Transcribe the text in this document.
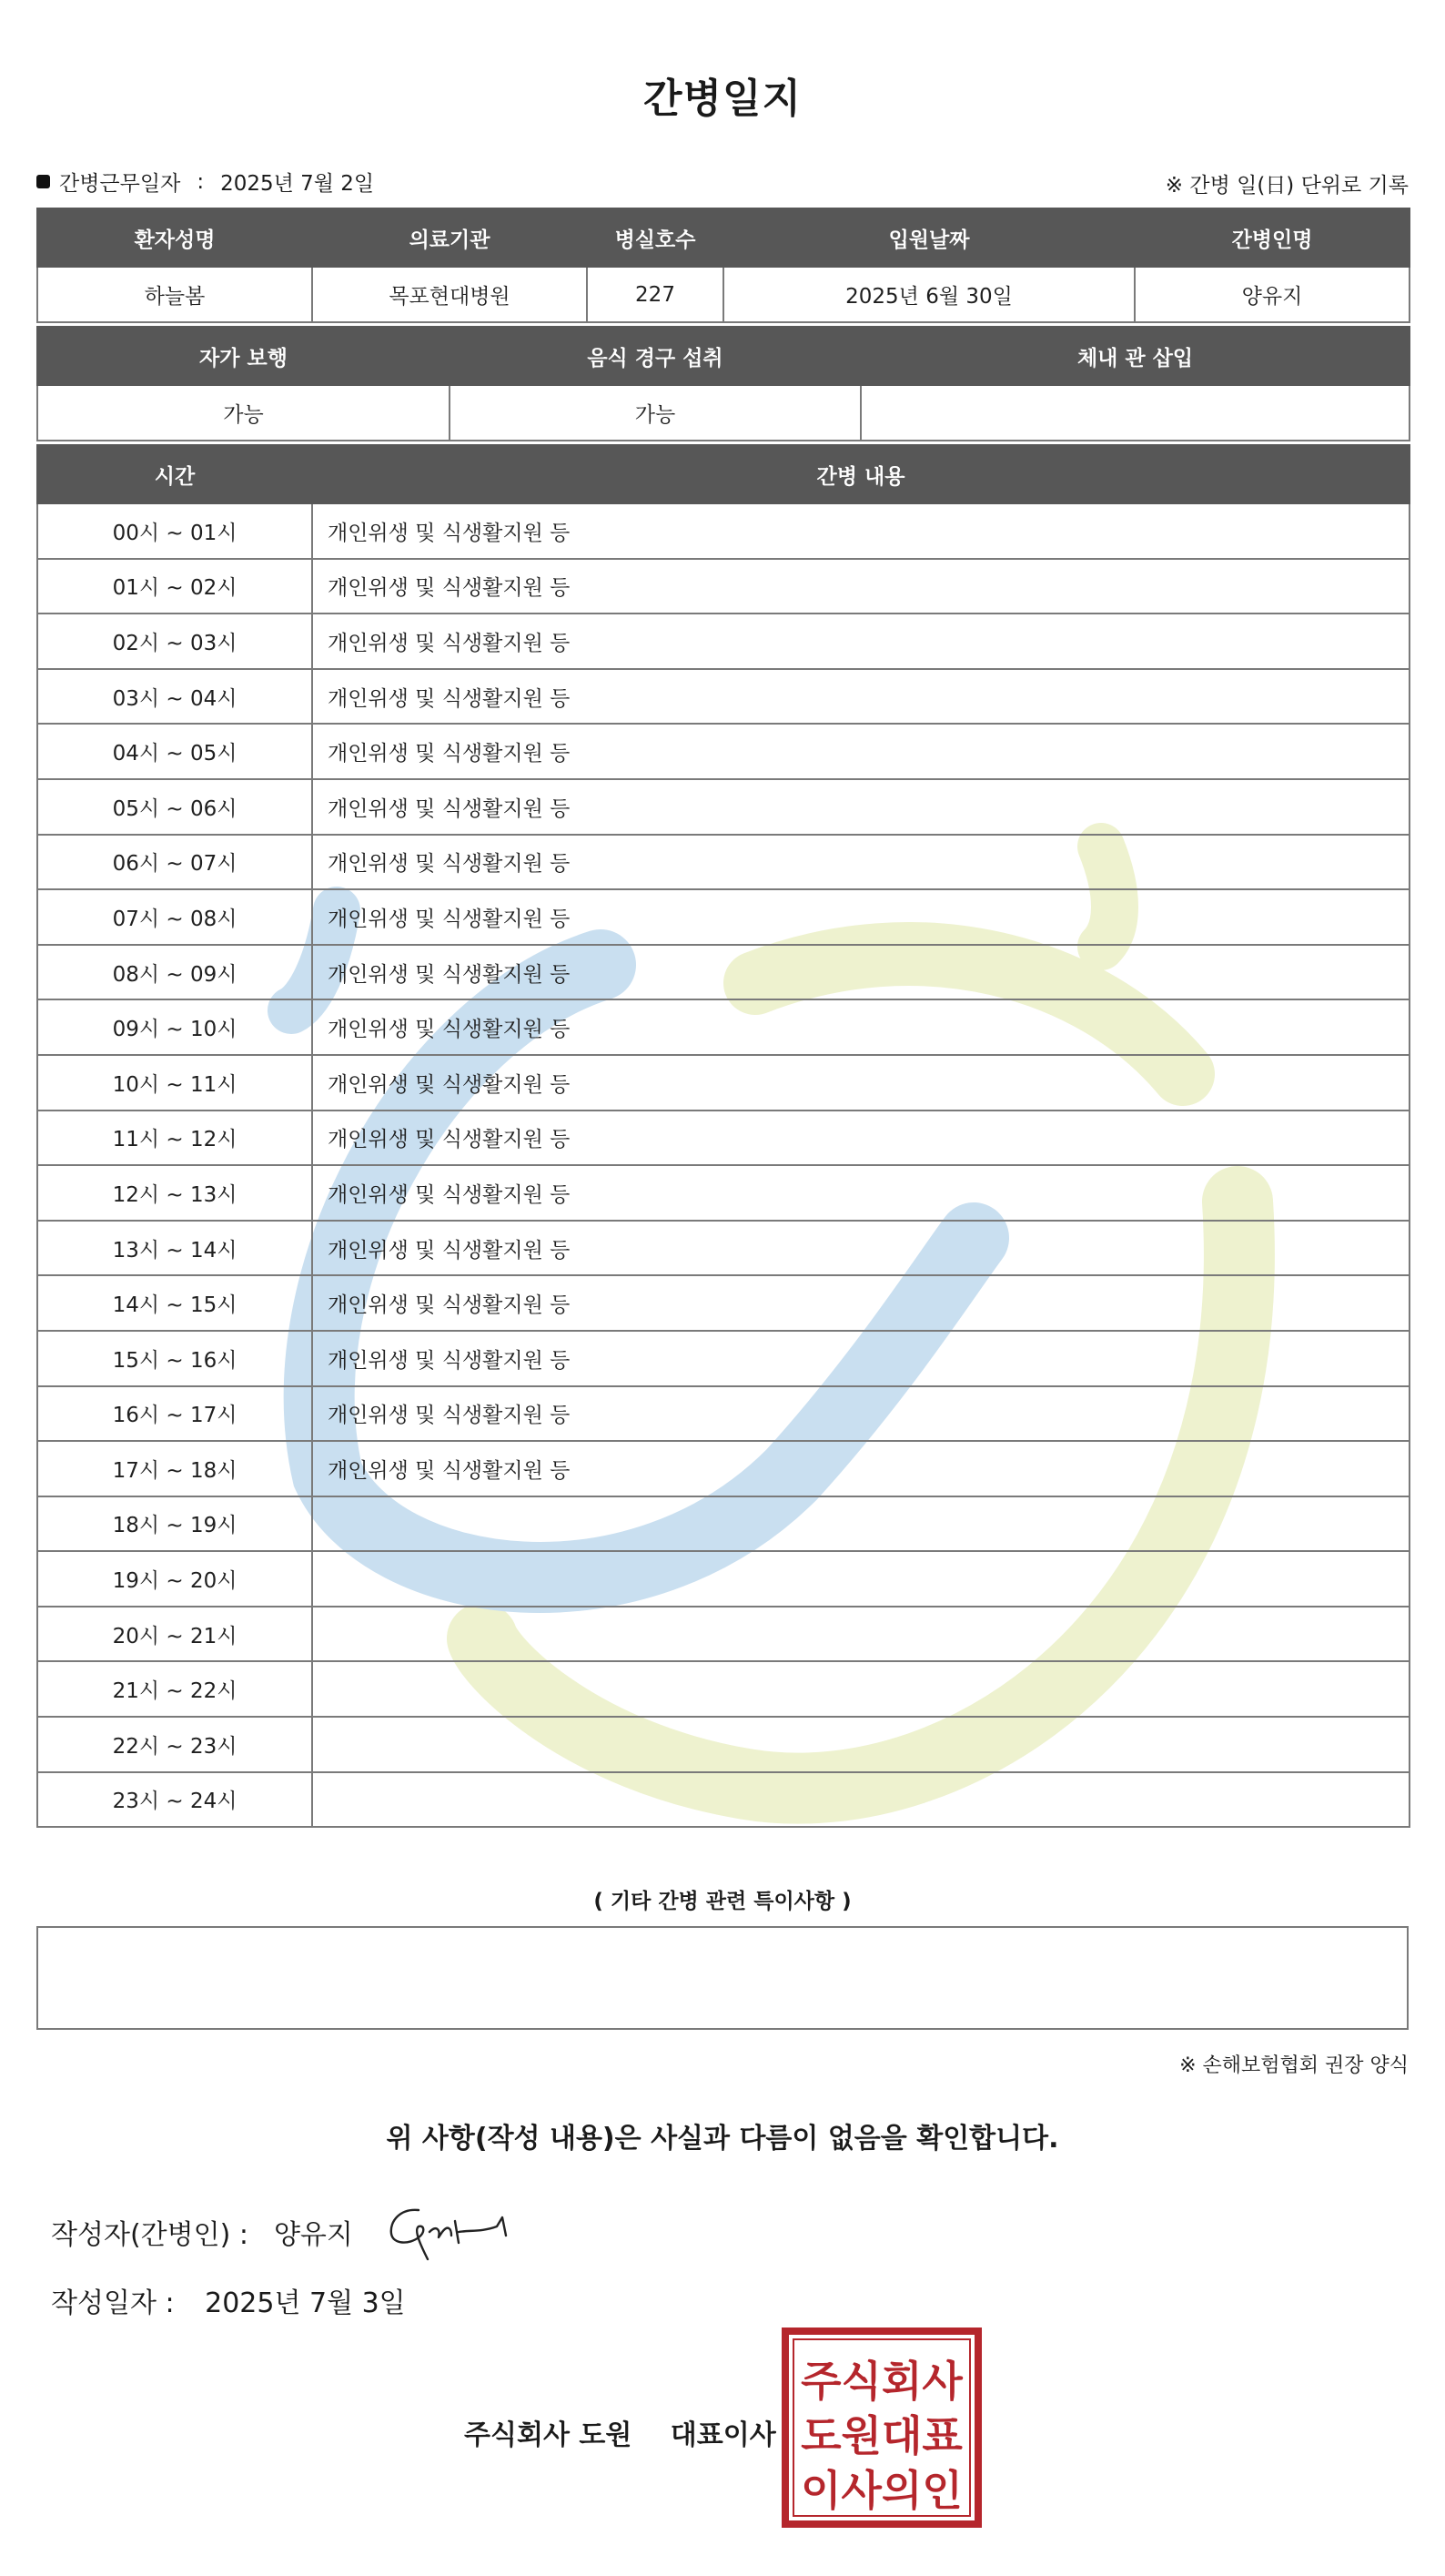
간병일지
간병근무일자 : 2025년 7월 2일	※ 간병 일(日) 단위로 기록
환자성명	의료기관	병실호수	입원날짜	간병인명
하늘봄	목포현대병원	227	2025년 6월 30일	양유지
자가 보행	음식 경구 섭취	체내 관 삽입
가능	가능	
시간	간병 내용
00시 ~ 01시	개인위생 및 식생활지원 등
01시 ~ 02시	개인위생 및 식생활지원 등
02시 ~ 03시	개인위생 및 식생활지원 등
03시 ~ 04시	개인위생 및 식생활지원 등
04시 ~ 05시	개인위생 및 식생활지원 등
05시 ~ 06시	개인위생 및 식생활지원 등
06시 ~ 07시	개인위생 및 식생활지원 등
07시 ~ 08시	개인위생 및 식생활지원 등
08시 ~ 09시	개인위생 및 식생활지원 등
09시 ~ 10시	개인위생 및 식생활지원 등
10시 ~ 11시	개인위생 및 식생활지원 등
11시 ~ 12시	개인위생 및 식생활지원 등
12시 ~ 13시	개인위생 및 식생활지원 등
13시 ~ 14시	개인위생 및 식생활지원 등
14시 ~ 15시	개인위생 및 식생활지원 등
15시 ~ 16시	개인위생 및 식생활지원 등
16시 ~ 17시	개인위생 및 식생활지원 등
17시 ~ 18시	개인위생 및 식생활지원 등
18시 ~ 19시	
19시 ~ 20시	
20시 ~ 21시	
21시 ~ 22시	
22시 ~ 23시	
23시 ~ 24시	
( 기타 간병 관련 특이사항 )
※ 손해보험협회 권장 양식
위 사항(작성 내용)은 사실과 다름이 없음을 확인합니다.
작성자(간병인) : 양유지
작성일자 : 2025년 7월 3일
주식회사 도원 대표이사
주식회사
도원대표
이사의인
